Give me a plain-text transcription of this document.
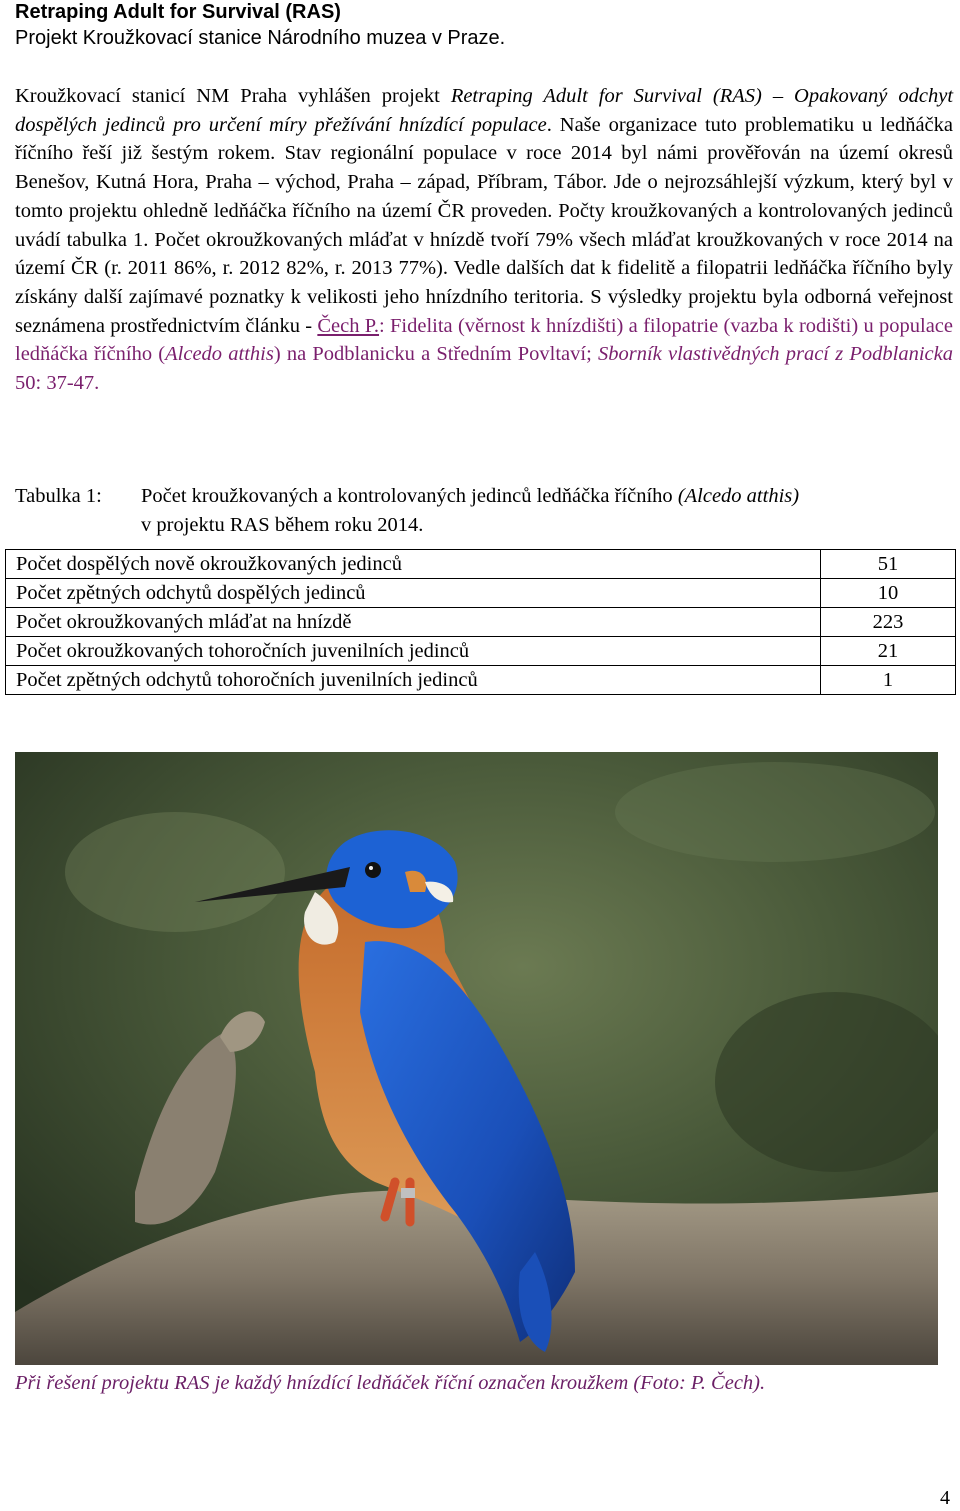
Retraping Adult for Survival (RAS)
Projekt Kroužkovací stanice Národního muzea v Praze.
Kroužkovací stanicí NM Praha vyhlášen projekt Retraping Adult for Survival (RAS) – Opakovaný odchyt dospělých jedinců pro určení míry přežívání hnízdící populace. Naše organizace tuto problematiku u ledňáčka říčního řeší již šestým rokem. Stav regionální populace v roce 2014 byl námi prověřován na území okresů Benešov, Kutná Hora, Praha – východ, Praha – západ, Příbram, Tábor. Jde o nejrozsáhlejší výzkum, který byl v tomto projektu ohledně ledňáčka říčního na území ČR proveden. Počty kroužkovaných a kontrolovaných jedinců uvádí tabulka 1. Počet okroužkovaných mláďat v hnízdě tvoří 79% všech mláďat kroužkovaných v roce 2014 na území ČR (r. 2011 86%, r. 2012 82%, r. 2013 77%). Vedle dalších dat k fidelitě a filopatrii ledňáčka říčního byly získány další zajímavé poznatky k velikosti jeho hnízdního teritoria. S výsledky projektu byla odborná veřejnost seznámena prostřednictvím článku - Čech P.: Fidelita (věrnost k hnízdišti) a filopatrie (vazba k rodišti) u populace ledňáčka říčního (Alcedo atthis) na Podblanicku a Středním Povltaví; Sborník vlastivědných prací z Podblanicka 50: 37-47.
Tabulka 1: Počet kroužkovaných a kontrolovaných jedinců ledňáčka říčního (Alcedo atthis)
v projektu RAS během roku 2014.
Počet dospělých nově okroužkovaných jedinců	51
Počet zpětných odchytů dospělých jedinců	10
Počet okroužkovaných mláďat na hnízdě	223
Počet okroužkovaných tohoročních juvenilních jedinců	21
Počet zpětných odchytů tohoročních juvenilních jedinců	1
Při řešení projektu RAS je každý hnízdící ledňáček říční označen kroužkem (Foto: P. Čech).
4
